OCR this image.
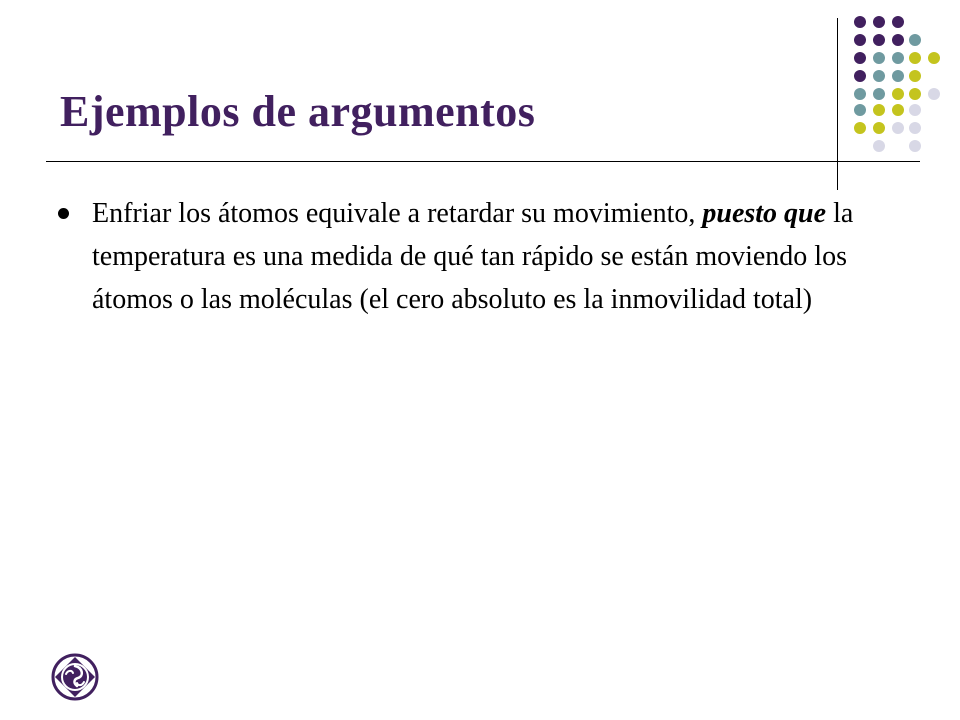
Ejemplos de argumentos
Enfriar los átomos equivale a retardar su movimiento, puesto que la temperatura es una medida de qué tan rápido se están moviendo los átomos o las moléculas (el cero absoluto es la inmovilidad total)
